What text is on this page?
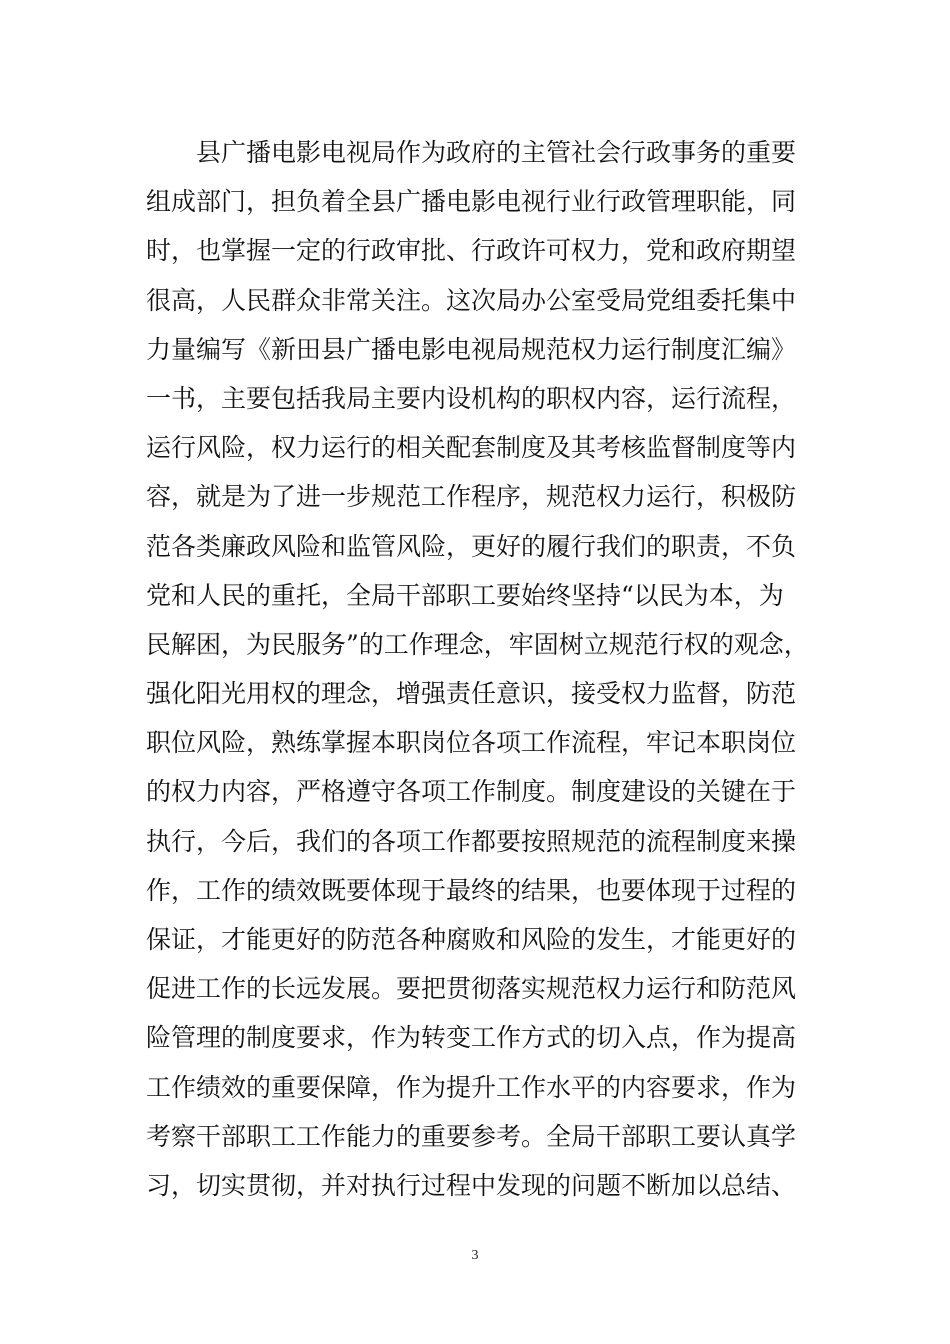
县广播电影电视局作为政府的主管社会行政事务的重要
组成部门，担负着全县广播电影电视行业行政管理职能，同
时，也掌握一定的行政审批、行政许可权力，党和政府期望
很高，人民群众非常关注。这次局办公室受局党组委托集中
力量编写《新田县广播电影电视局规范权力运行制度汇编》
一书，主要包括我局主要内设机构的职权内容，运行流程，
运行风险，权力运行的相关配套制度及其考核监督制度等内
容，就是为了进一步规范工作程序，规范权力运行，积极防
范各类廉政风险和监管风险，更好的履行我们的职责，不负
党和人民的重托，全局干部职工要始终坚持“以民为本，为
民解困，为民服务”的工作理念，牢固树立规范行权的观念，
强化阳光用权的理念，增强责任意识，接受权力监督，防范
职位风险，熟练掌握本职岗位各项工作流程，牢记本职岗位
的权力内容，严格遵守各项工作制度。制度建设的关键在于
执行，今后，我们的各项工作都要按照规范的流程制度来操
作，工作的绩效既要体现于最终的结果，也要体现于过程的
保证，才能更好的防范各种腐败和风险的发生，才能更好的
促进工作的长远发展。要把贯彻落实规范权力运行和防范风
险管理的制度要求，作为转变工作方式的切入点，作为提高
工作绩效的重要保障，作为提升工作水平的内容要求，作为
考察干部职工工作能力的重要参考。全局干部职工要认真学
习，切实贯彻，并对执行过程中发现的问题不断加以总结、
3
